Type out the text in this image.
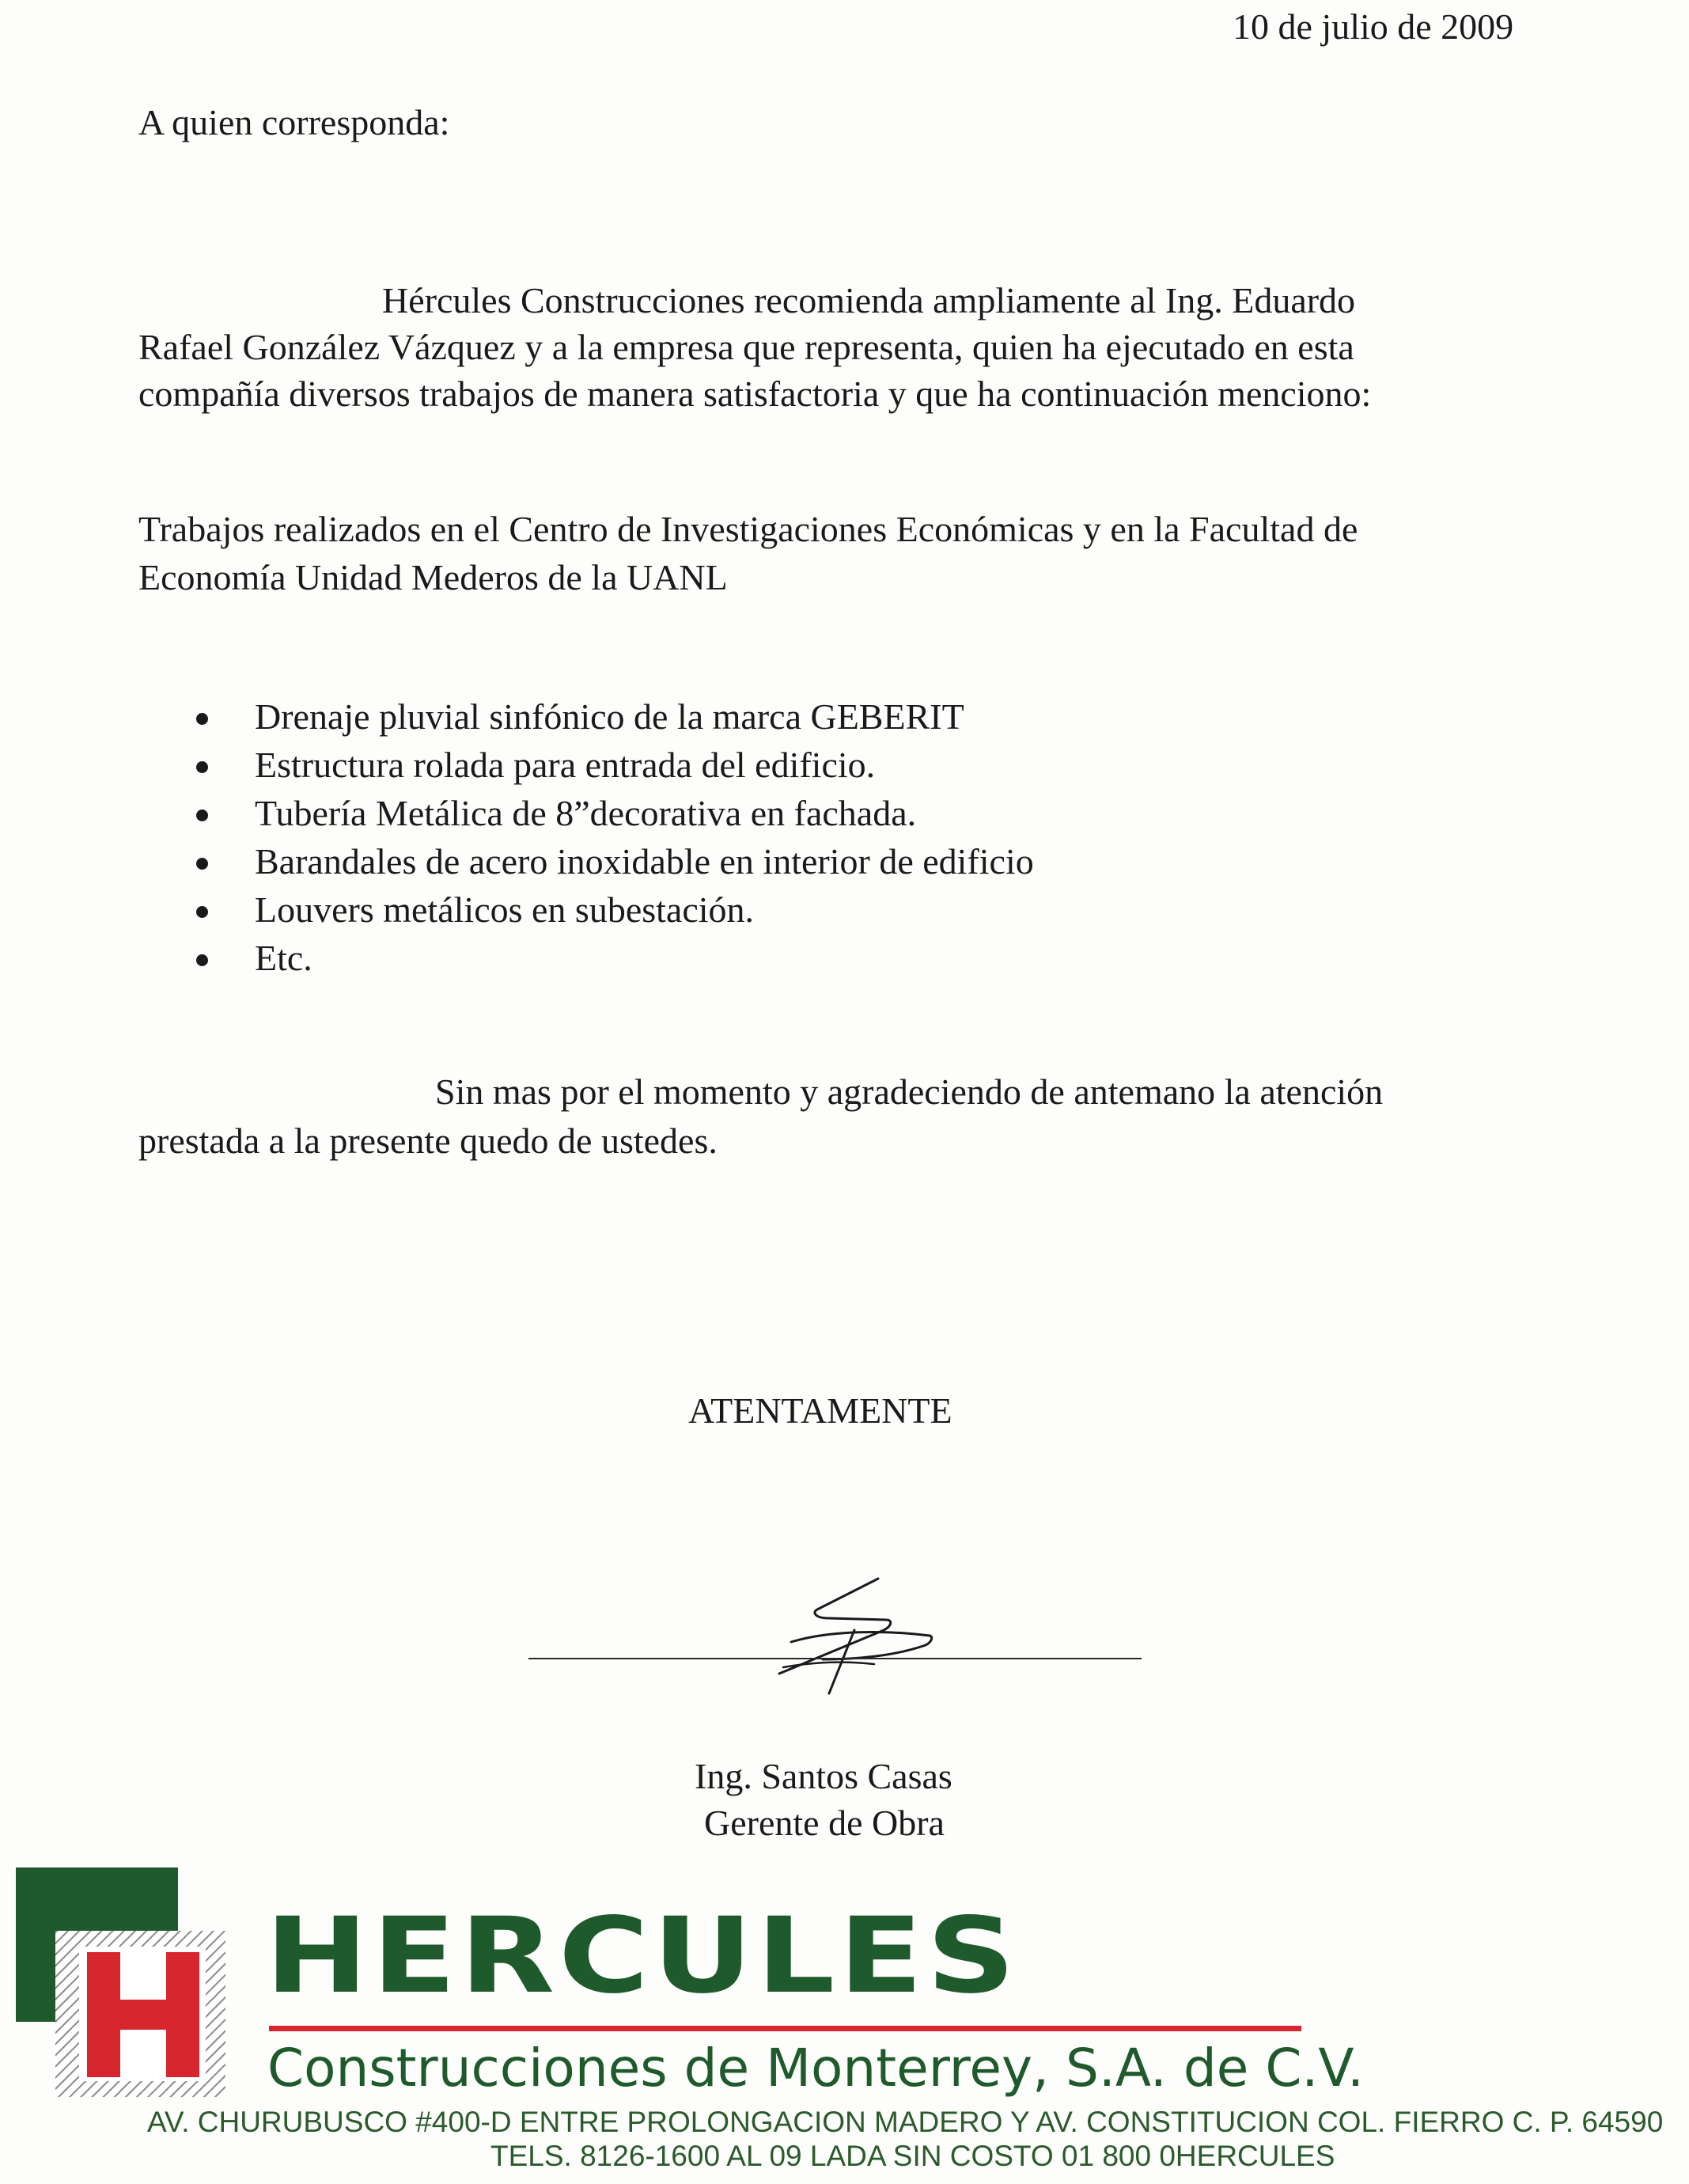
10 de julio de 2009
A quien corresponda:
Hércules Construcciones recomienda ampliamente al Ing. Eduardo
Rafael González Vázquez y a la empresa que representa, quien ha ejecutado en esta
compañía diversos trabajos de manera satisfactoria y que ha continuación menciono:
Trabajos realizados en el Centro de Investigaciones Económicas y en la Facultad de
Economía Unidad Mederos de la UANL
Drenaje pluvial sinfónico de la marca GEBERIT
Estructura rolada para entrada del edificio.
Tubería Metálica de 8”decorativa en fachada.
Barandales de acero inoxidable en interior de edificio
Louvers metálicos en subestación.
Etc.
Sin mas por el momento y agradeciendo de antemano la atención
prestada a la presente quedo de ustedes.
ATENTAMENTE
Ing. Santos Casas
Gerente de Obra
HERCULES
Construcciones de Monterrey, S.A. de C.V.
AV. CHURUBUSCO #400-D ENTRE PROLONGACION MADERO Y AV. CONSTITUCION COL. FIERRO C. P. 64590
TELS. 8126-1600 AL 09 LADA SIN COSTO 01 800 0HERCULES
